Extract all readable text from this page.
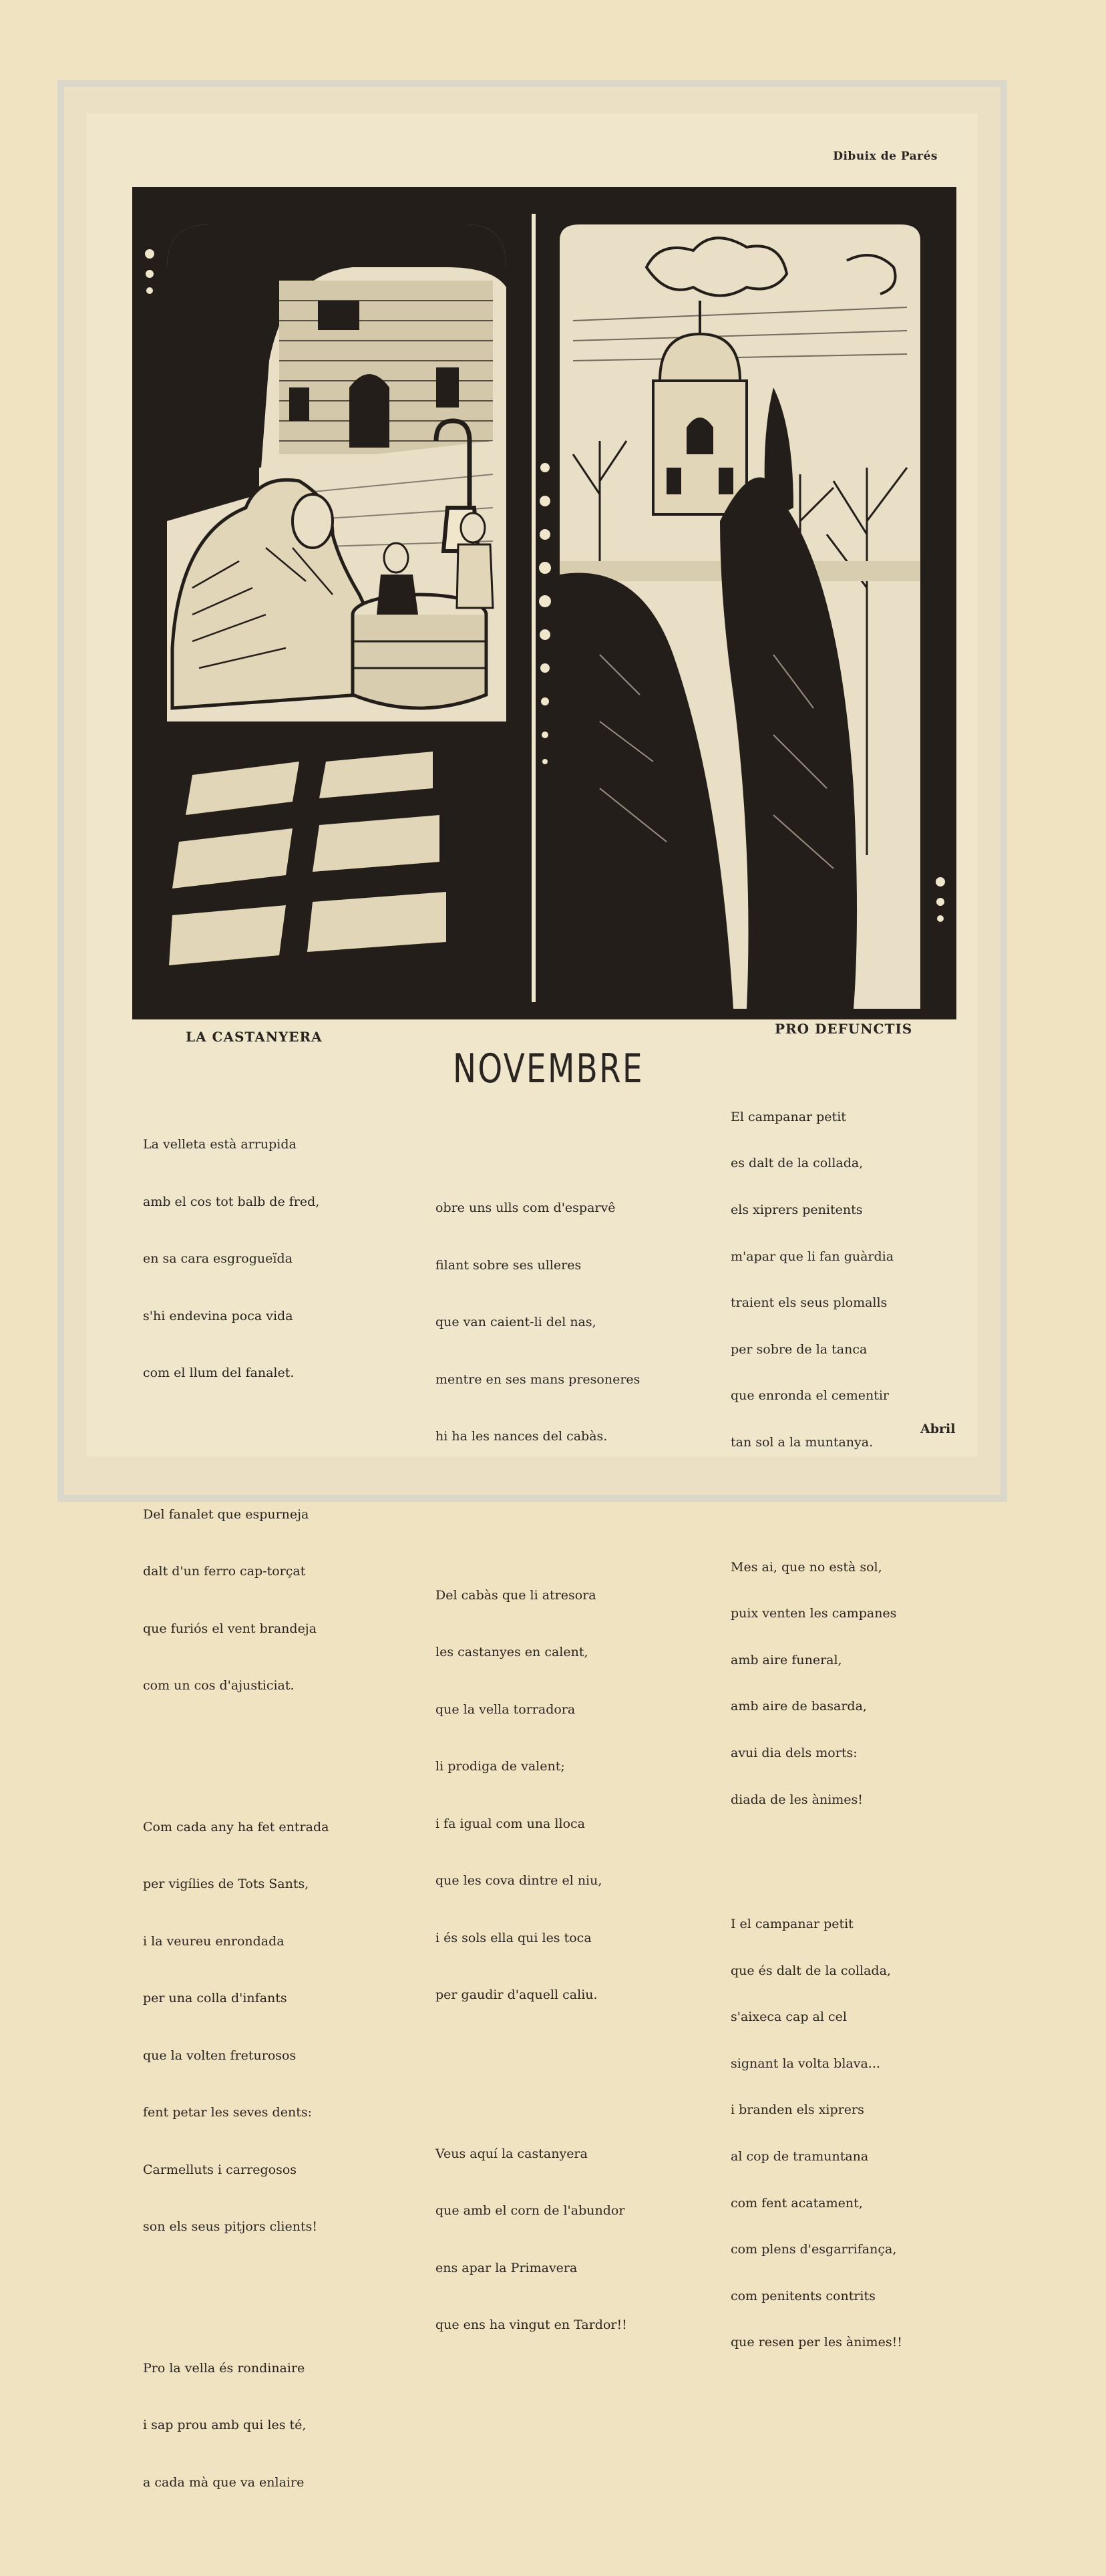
Dibuix de Parés
LA CASTANYERA
NOVEMBRE
PRO DEFUNCTIS

La velleta està arrupida

amb el cos tot balb de fred,

en sa cara esgrogueïda

s'hi endevina poca vida

com el llum del fanalet.

Del fanalet que espurneja

dalt d'un ferro cap-torçat

que furiós el vent brandeja

com un cos d'ajusticiat.

Com cada any ha fet entrada

per vigílies de Tots Sants,

i la veureu enrondada

per una colla d'infants

que la volten freturosos

fent petar les seves dents:

Carmelluts i carregosos

son els seus pitjors clients!

Pro la vella és rondinaire

i sap prou amb qui les té,

a cada mà que va enlaire

obre uns ulls com d'esparvê

filant sobre ses ulleres

que van caient-li del nas,

mentre en ses mans presoneres

hi ha les nances del cabàs.

Del cabàs que li atresora

les castanyes en calent,

que la vella torradora

li prodiga de valent;

i fa igual com una lloca

que les cova dintre el niu,

i és sols ella qui les toca

per gaudir d'aquell caliu.

Veus aquí la castanyera

que amb el corn de l'abundor

ens apar la Primavera

que ens ha vingut en Tardor!!

El campanar petit

es dalt de la collada,

els xiprers penitents

m'apar que li fan guàrdia

traient els seus plomalls

per sobre de la tanca

que enronda el cementir

tan sol a la muntanya.

Mes ai, que no està sol,

puix venten les campanes

amb aire funeral,

amb aire de basarda,

avui dia dels morts:

diada de les ànimes!

I el campanar petit

que és dalt de la collada,

s'aixeca cap al cel

signant la volta blava...

i branden els xiprers

al cop de tramuntana

com fent acatament,

com plens d'esgarrifança,

com penitents contrits

que resen per les ànimes!!

Abril
